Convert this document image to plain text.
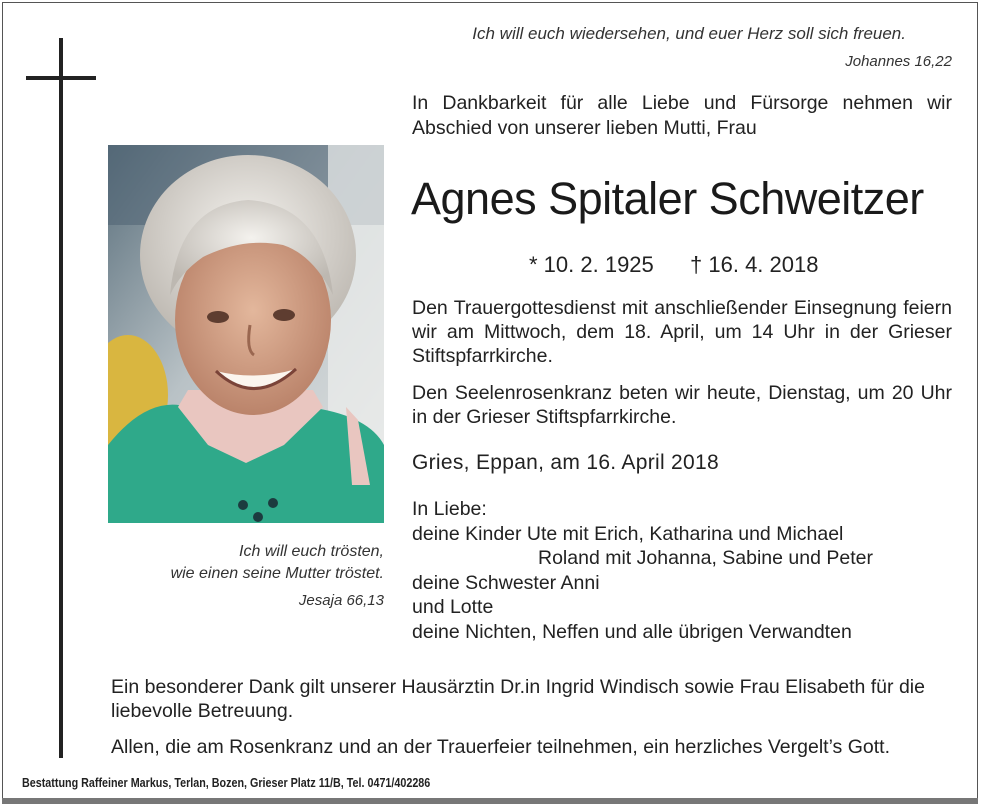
Ich will euch wiedersehen, und euer Herz soll sich freuen.
Johannes 16,22
In Dankbarkeit für alle Liebe und Fürsorge nehmen wir Abschied von unserer lieben Mutti, Frau
Agnes Spitaler Schweitzer
* 10. 2. 1925 † 16. 4. 2018
Den Trauergottesdienst mit anschließender Einsegnung feiern wir am Mittwoch, dem 18. April, um 14 Uhr in der Grieser Stiftspfarrkirche.
Den Seelenrosenkranz beten wir heute, Dienstag, um 20 Uhr in der Grieser Stiftspfarrkirche.
Gries, Eppan, am 16. April 2018
In Liebe:
deine Kinder Ute mit Erich, Katharina und Michael
Roland mit Johanna, Sabine und Peter
deine Schwester Anni
und Lotte
deine Nichten, Neffen und alle übrigen Verwandten
Ich will euch trösten,
wie einen seine Mutter tröstet.
Jesaja 66,13
Ein besonderer Dank gilt unserer Hausärztin Dr.in Ingrid Windisch sowie Frau Elisabeth für die liebevolle Betreuung.
Allen, die am Rosenkranz und an der Trauerfeier teilnehmen, ein herzliches Vergelt’s Gott.
Bestattung Raffeiner Markus, Terlan, Bozen, Grieser Platz 11/B, Tel. 0471/402286
